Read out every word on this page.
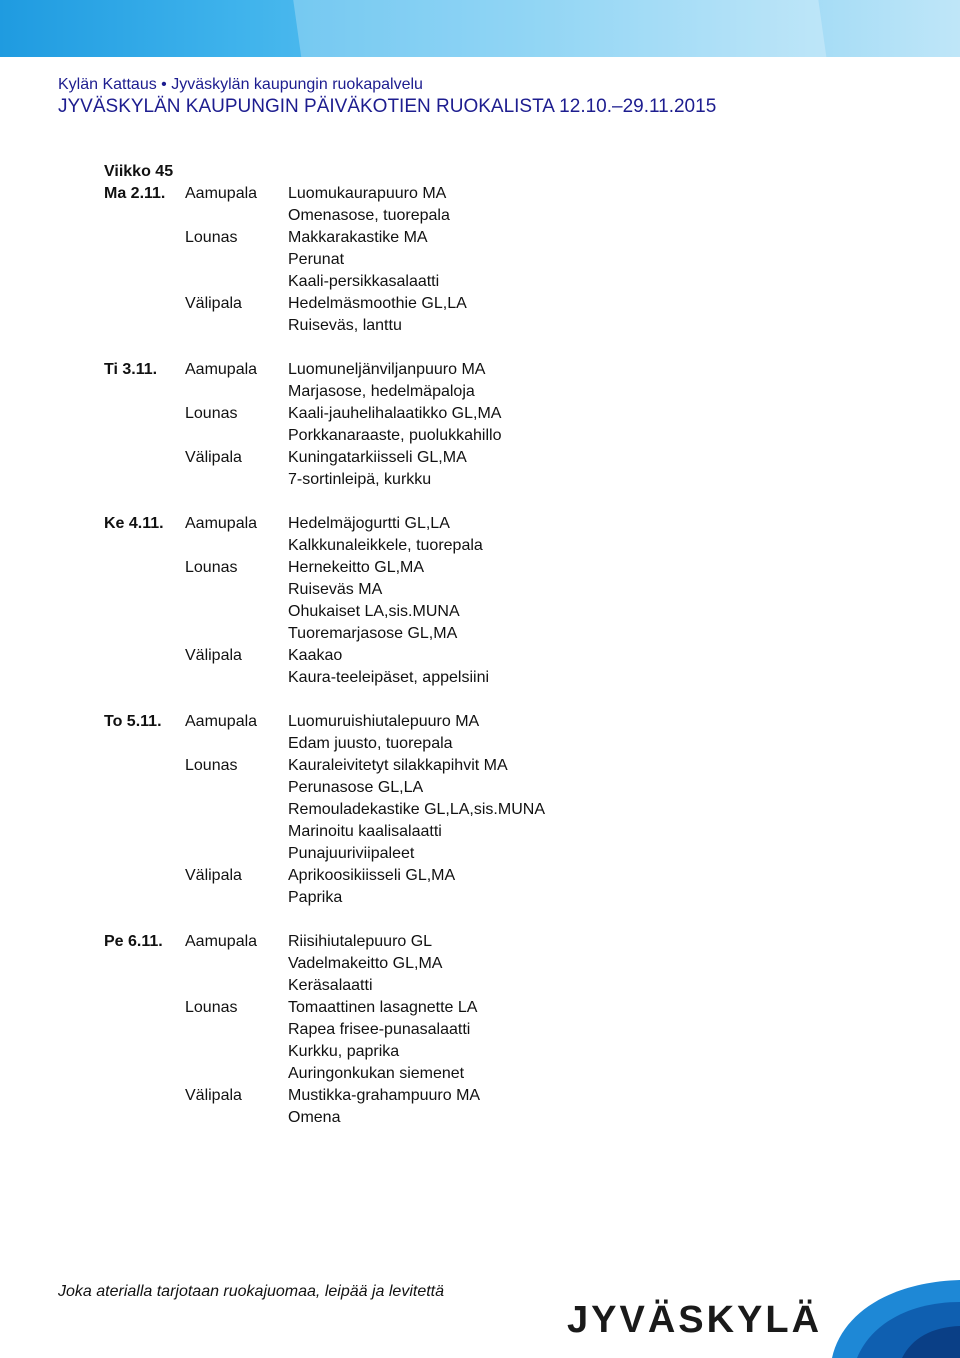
Kylän Kattaus • Jyväskylän kaupungin ruokapalvelu

JYVÄSKYLÄN KAUPUNGIN PÄIVÄKOTIEN RUOKALISTA 12.10.–29.11.2015

Viikko 45
Ma 2.11.	Aamupala	Luomukaurapuuro MA
Omenasose, tuorepala
Lounas	Makkarakastike MA
Perunat
Kaali-persikkasalaatti
Välipala	Hedelmäsmoothie GL,LA
Ruiseväs, lanttu
Ti 3.11.	Aamupala	Luomuneljänviljanpuuro MA
Marjasose, hedelmäpaloja
Lounas	Kaali-jauhelihalaatikko GL,MA
Porkkanaraaste, puolukkahillo
Välipala	Kuningatarkiisseli GL,MA
7-sortinleipä, kurkku
Ke 4.11.	Aamupala	Hedelmäjogurtti GL,LA
Kalkkunaleikkele, tuorepala
Lounas	Hernekeitto GL,MA
Ruiseväs MA
Ohukaiset LA,sis.MUNA
Tuoremarjasose GL,MA
Välipala	Kaakao
Kaura-teeleipäset, appelsiini
To 5.11.	Aamupala	Luomuruishiutalepuuro MA
Edam juusto, tuorepala
Lounas	Kauraleivitetyt silakkapihvit MA
Perunasose GL,LA
Remouladekastike GL,LA,sis.MUNA
Marinoitu kaalisalaatti
Punajuuriviipaleet
Välipala	Aprikoosikiisseli GL,MA
Paprika
Pe 6.11.	Aamupala	Riisihiutalepuuro GL
Vadelmakeitto GL,MA
Keräsalaatti
Lounas	Tomaattinen lasagnette LA
Rapea frisee-punasalaatti
Kurkku, paprika
Auringonkukan siemenet
Välipala	Mustikka-grahampuuro MA
Omena
Joka aterialla tarjotaan ruokajuomaa, leipää ja levitettä
JYVÄSKYLÄ
